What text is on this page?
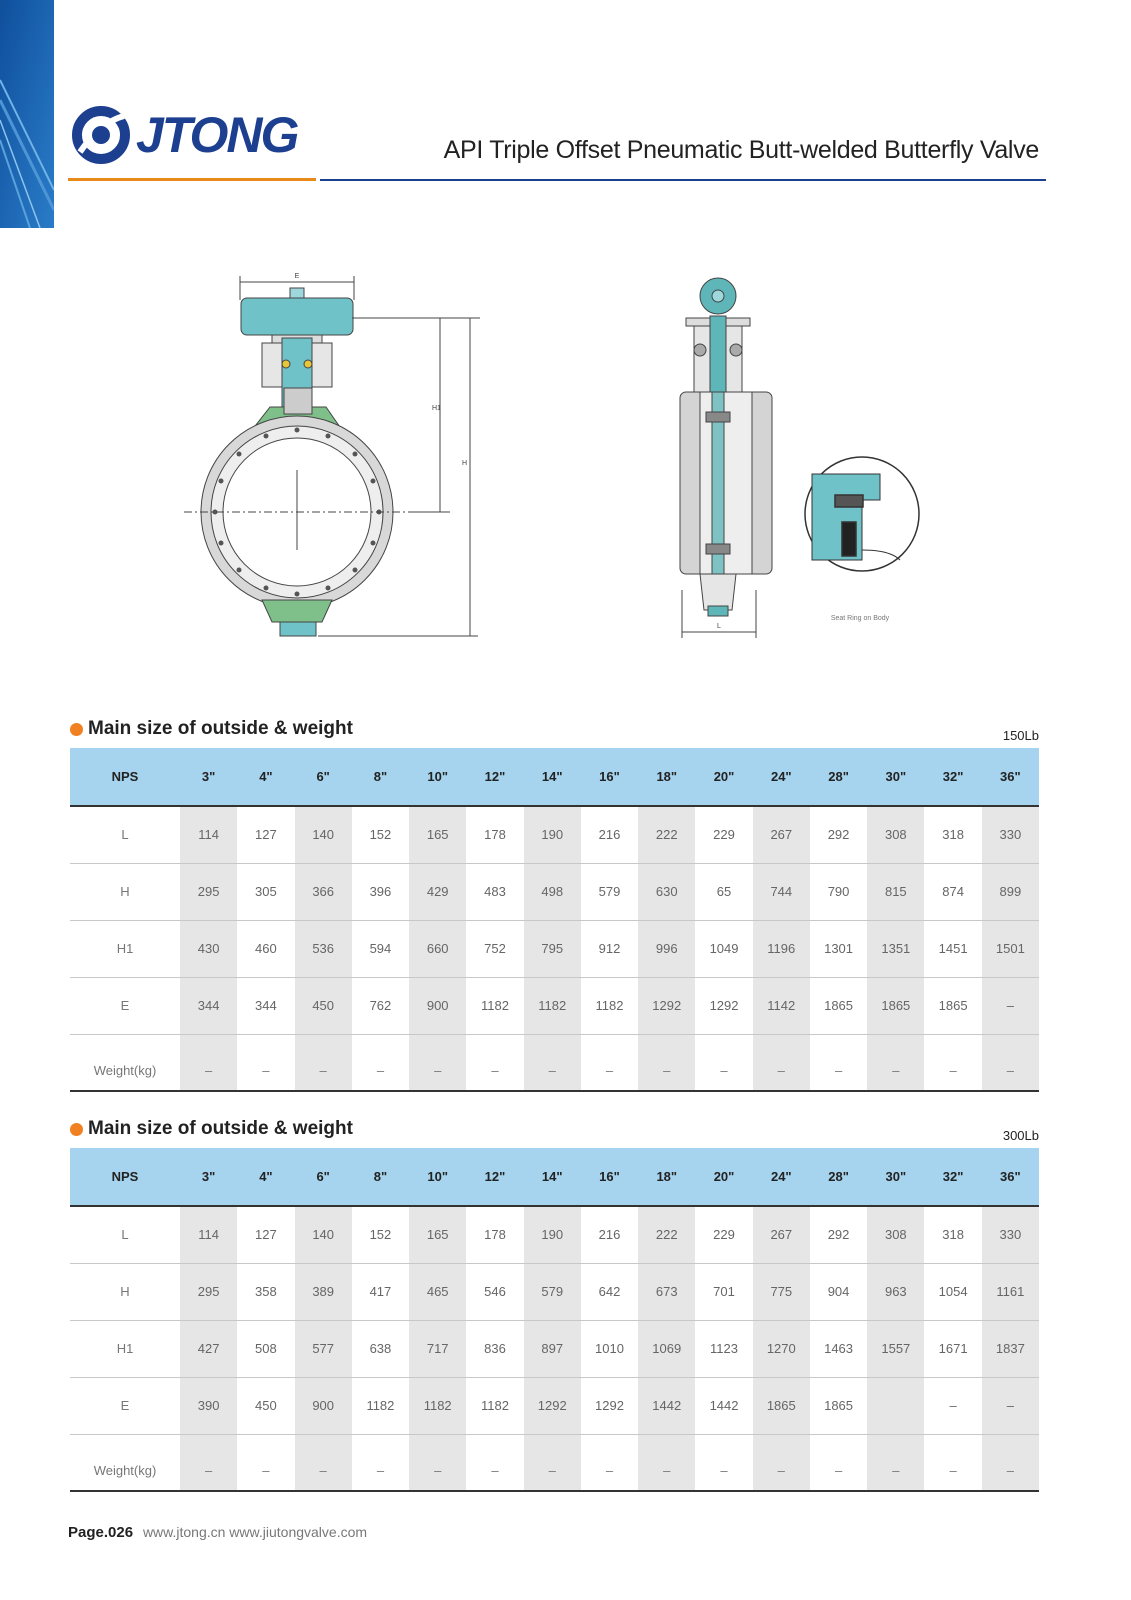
JTONG	API Triple Offset Pneumatic Butt-welded Butterfly Valve
E
H1
H
L
Seat Ring on Body
Main size of outside & weight	150Lb
NPS	3"	4"	6"	8"	10"	12"	14"	16"	18"	20"	24"	28"	30"	32"	36"
L	114	127	140	152	165	178	190	216	222	229	267	292	308	318	330
H	295	305	366	396	429	483	498	579	630	65	744	790	815	874	899
H1	430	460	536	594	660	752	795	912	996	1049	1196	1301	1351	1451	1501
E	344	344	450	762	900	1182	1182	1182	1292	1292	1142	1865	1865	1865	–
Weight(kg)	–	–	–	–	–	–	–	–	–	–	–	–	–	–	–
Main size of outside & weight	300Lb
NPS	3"	4"	6"	8"	10"	12"	14"	16"	18"	20"	24"	28"	30"	32"	36"
L	114	127	140	152	165	178	190	216	222	229	267	292	308	318	330
H	295	358	389	417	465	546	579	642	673	701	775	904	963	1054	1161
H1	427	508	577	638	717	836	897	1010	1069	1123	1270	1463	1557	1671	1837
E	390	450	900	1182	1182	1182	1292	1292	1442	1442	1865	1865		–	–
Weight(kg)	–	–	–	–	–	–	–	–	–	–	–	–	–	–	–
Page.026 www.jtong.cn www.jiutongvalve.com
